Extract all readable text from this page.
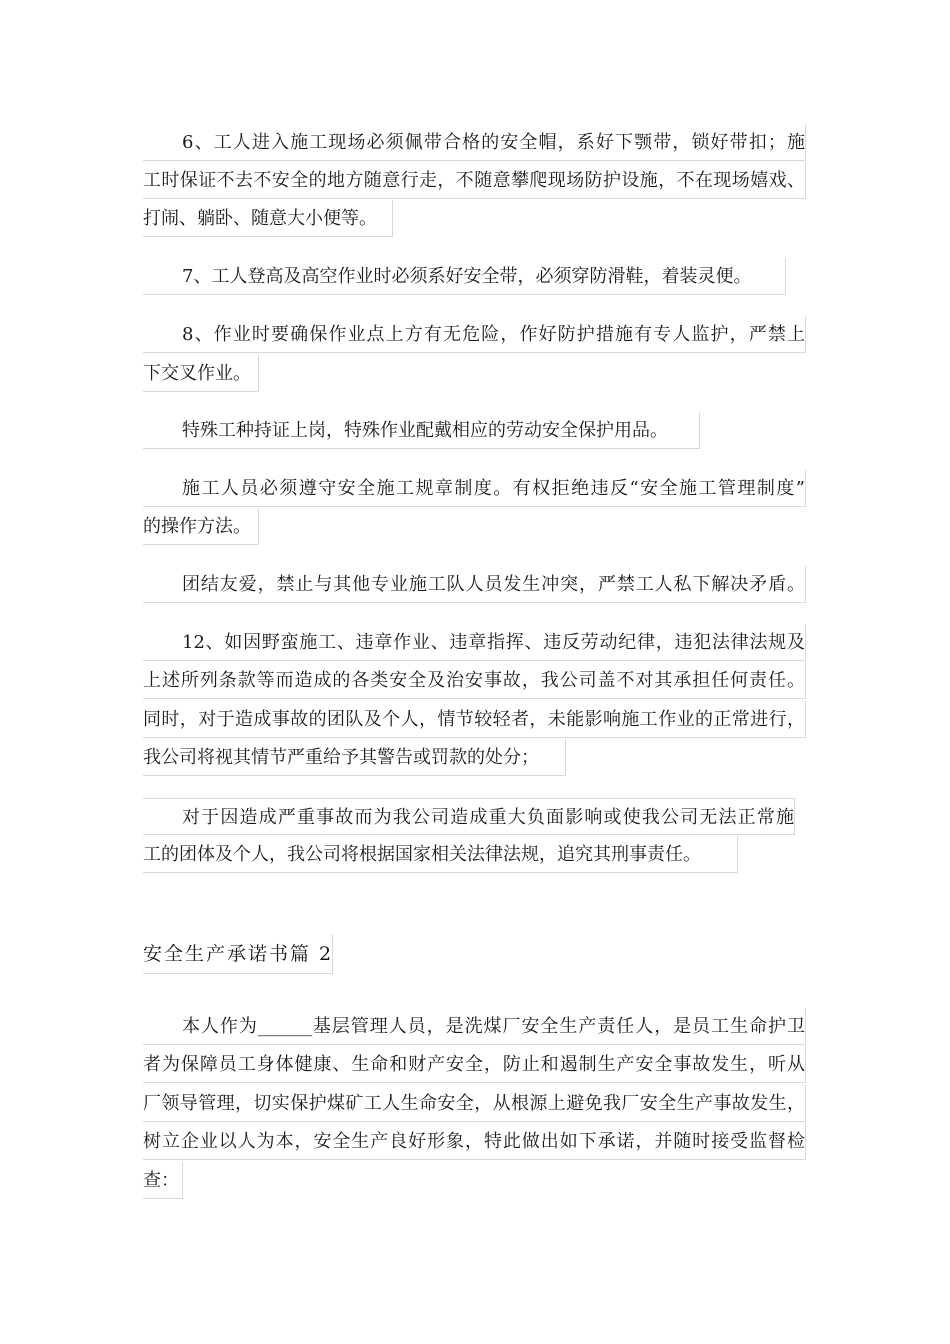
6、工人进入施工现场必须佩带合格的安全帽，系好下颚带，锁好带扣；施
工时保证不去不安全的地方随意行走，不随意攀爬现场防护设施，不在现场嬉戏、
打闹、躺卧、随意大小便等。
7、工人登高及高空作业时必须系好安全带，必须穿防滑鞋，着装灵便。
8、作业时要确保作业点上方有无危险，作好防护措施有专人监护，严禁上
下交叉作业。
特殊工种持证上岗，特殊作业配戴相应的劳动安全保护用品。
施工人员必须遵守安全施工规章制度。有权拒绝违反“安全施工管理制度”
的操作方法。
团结友爱，禁止与其他专业施工队人员发生冲突，严禁工人私下解决矛盾。
12、如因野蛮施工、违章作业、违章指挥、违反劳动纪律，违犯法律法规及
上述所列条款等而造成的各类安全及治安事故，我公司盖不对其承担任何责任。
同时，对于造成事故的团队及个人，情节较轻者，未能影响施工作业的正常进行，
我公司将视其情节严重给予其警告或罚款的处分；
对于因造成严重事故而为我公司造成重大负面影响或使我公司无法正常施
工的团体及个人，我公司将根据国家相关法律法规，追究其刑事责任。
安全生产承诺书篇 2
本人作为______基层管理人员，是洗煤厂安全生产责任人，是员工生命护卫
者为保障员工身体健康、生命和财产安全，防止和遏制生产安全事故发生，听从
厂领导管理，切实保护煤矿工人生命安全，从根源上避免我厂安全生产事故发生，
树立企业以人为本，安全生产良好形象，特此做出如下承诺，并随时接受监督检
查：
